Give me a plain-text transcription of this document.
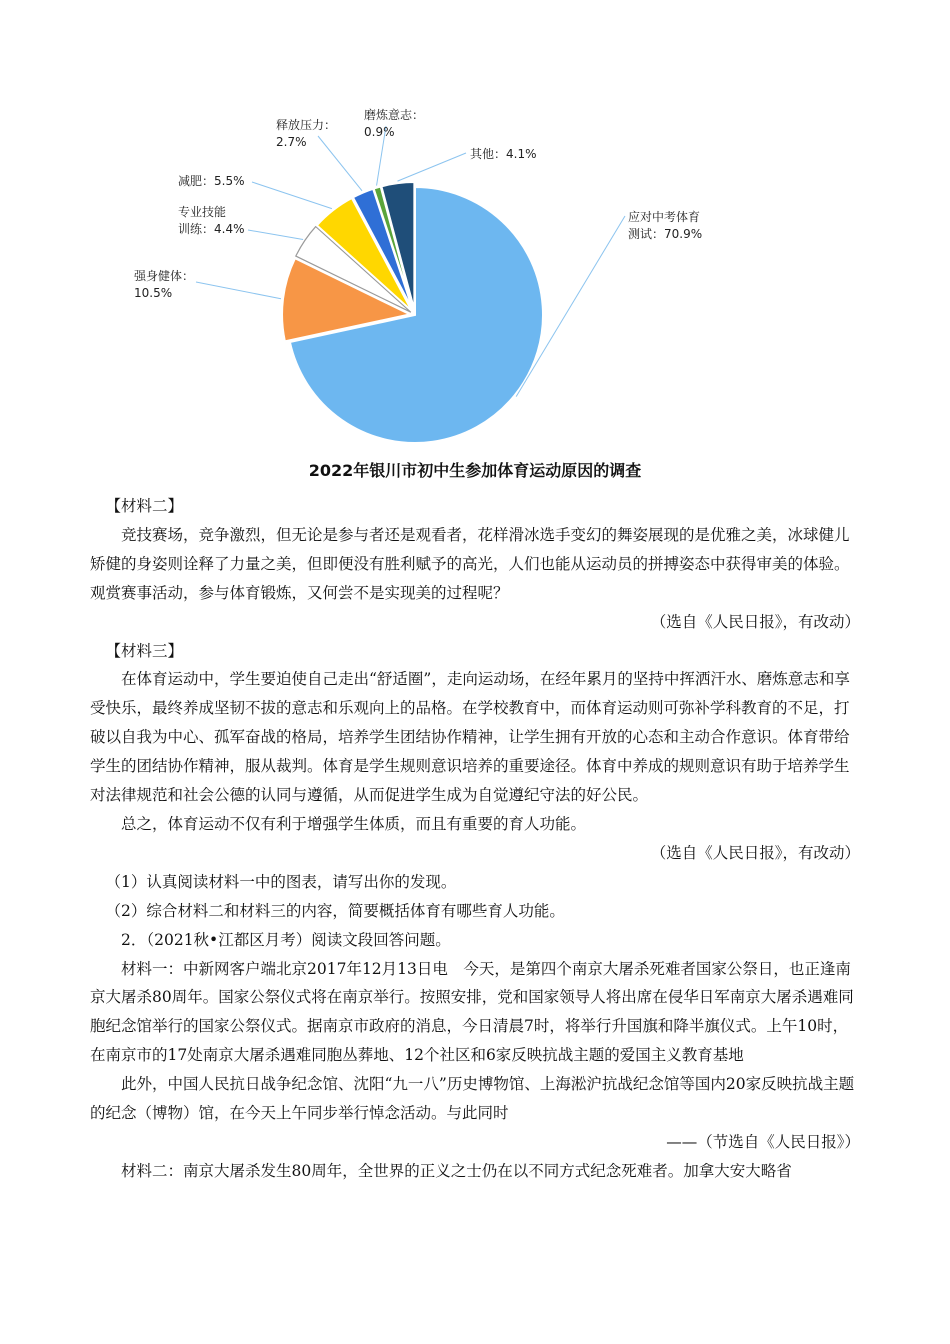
应对中考体育测试：70.9%
强身健体： 10.5%
专业技能训练：4.4%
减肥：5.5%
释放压力： 2.7%
磨炼意志： 0.9%
其他：4.1%
2022年银川市初中生参加体育运动原因的调查

【材料二】

竞技赛场，竞争激烈，但无论是参与者还是观看者，花样滑冰选手变幻的舞姿展现的是优雅之美，冰球健儿矫健的身姿则诠释了力量之美，但即便没有胜利赋予的高光，人们也能从运动员的拼搏姿态中获得审美的体验。观赏赛事活动，参与体育锻炼，又何尝不是实现美的过程呢？

（选自《人民日报》，有改动）

【材料三】

在体育运动中，学生要迫使自己走出“舒适圈”，走向运动场，在经年累月的坚持中挥洒汗水、磨炼意志和享受快乐，最终养成坚韧不拔的意志和乐观向上的品格。在学校教育中，而体育运动则可弥补学科教育的不足，打破以自我为中心、孤军奋战的格局，培养学生团结协作精神，让学生拥有开放的心态和主动合作意识。体育带给学生的团结协作精神，服从裁判。体育是学生规则意识培养的重要途径。体育中养成的规则意识有助于培养学生对法律规范和社会公德的认同与遵循，从而促进学生成为自觉遵纪守法的好公民。

总之，体育运动不仅有利于增强学生体质，而且有重要的育人功能。

（选自《人民日报》，有改动）

（1）认真阅读材料一中的图表，请写出你的发现。

（2）综合材料二和材料三的内容，简要概括体育有哪些育人功能。

2．（2021秋•江都区月考）阅读文段回答问题。

材料一：中新网客户端北京2017年12月13日电　今天，是第四个南京大屠杀死难者国家公祭日，也正逢南京大屠杀80周年。国家公祭仪式将在南京举行。按照安排，党和国家领导人将出席在侵华日军南京大屠杀遇难同胞纪念馆举行的国家公祭仪式。据南京市政府的消息，今日清晨7时，将举行升国旗和降半旗仪式。上午10时，在南京市的17处南京大屠杀遇难同胞丛葬地、12个社区和6家反映抗战主题的爱国主义教育基地

此外，中国人民抗日战争纪念馆、沈阳“九一八”历史博物馆、上海淞沪抗战纪念馆等国内20家反映抗战主题的纪念（博物）馆，在今天上午同步举行悼念活动。与此同时

——（节选自《人民日报》）

材料二：南京大屠杀发生80周年，全世界的正义之士仍在以不同方式纪念死难者。加拿大安大略省
